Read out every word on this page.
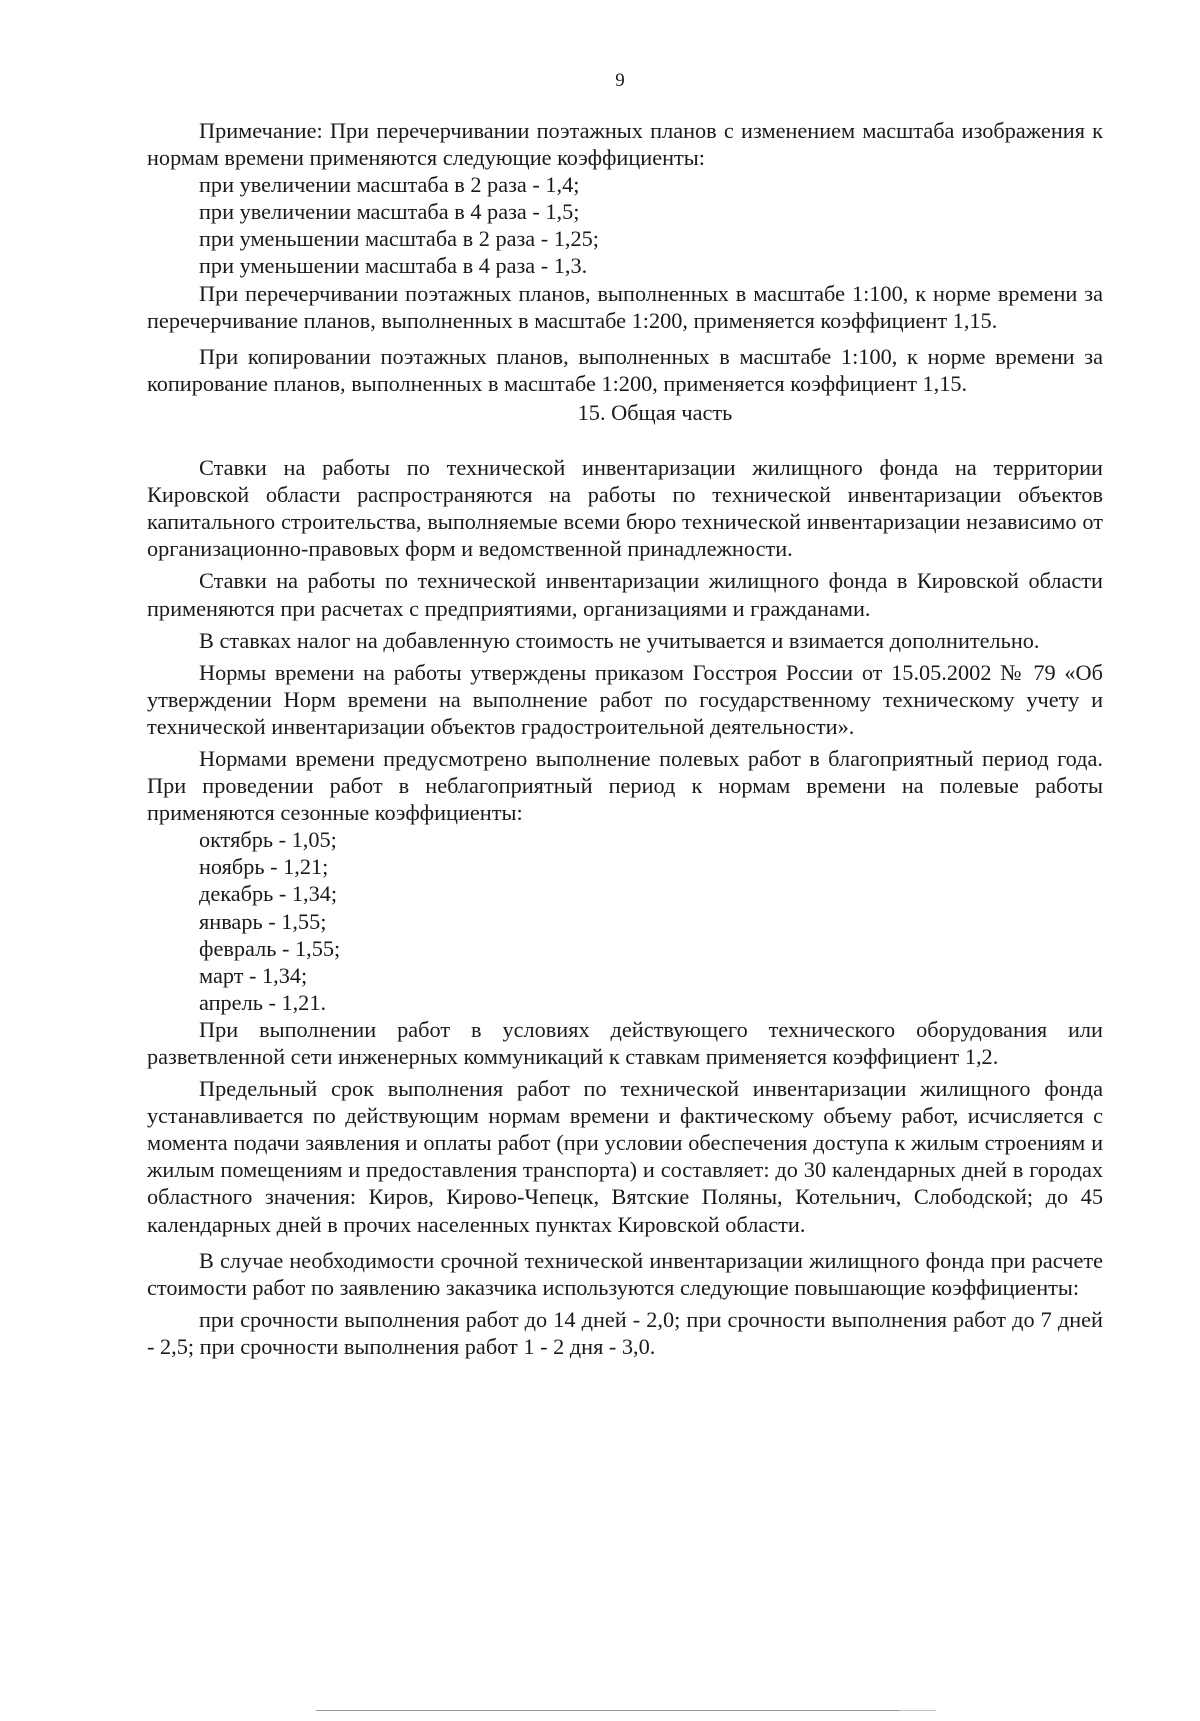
9

Примечание: При перечерчивании поэтажных планов с изменением масштаба изображения к нормам времени применяются следующие коэффициенты:

при увеличении масштаба в 2 раза - 1,4;

при увеличении масштаба в 4 раза - 1,5;

при уменьшении масштаба в 2 раза - 1,25;

при уменьшении масштаба в 4 раза - 1,3.

При перечерчивании поэтажных планов, выполненных в масштабе 1:100, к норме времени за перечерчивание планов, выполненных в масштабе 1:200, применяется коэффициент 1,15.

При копировании поэтажных планов, выполненных в масштабе 1:100, к норме времени за копирование планов, выполненных в масштабе 1:200, применяется коэффициент 1,15.

15. Общая часть

Ставки на работы по технической инвентаризации жилищного фонда на территории Кировской области распространяются на работы по технической инвентаризации объектов капитального строительства, выполняемые всеми бюро технической инвентаризации независимо от организационно-правовых форм и ведомственной принадлежности.

Ставки на работы по технической инвентаризации жилищного фонда в Кировской области применяются при расчетах с предприятиями, организациями и гражданами.

В ставках налог на добавленную стоимость не учитывается и взимается дополнительно.

Нормы времени на работы утверждены приказом Госстроя России от 15.05.2002 № 79 «Об утверждении Норм времени на выполнение работ по государственному техническому учету и технической инвентаризации объектов градостроительной деятельности».

Нормами времени предусмотрено выполнение полевых работ в благоприятный период года. При проведении работ в неблагоприятный период к нормам времени на полевые работы применяются сезонные коэффициенты:

октябрь - 1,05;

ноябрь - 1,21;

декабрь - 1,34;

январь - 1,55;

февраль - 1,55;

март - 1,34;

апрель - 1,21.

При выполнении работ в условиях действующего технического оборудования или разветвленной сети инженерных коммуникаций к ставкам применяется коэффициент 1,2.

Предельный срок выполнения работ по технической инвентаризации жилищного фонда устанавливается по действующим нормам времени и фактическому объему работ, исчисляется с момента подачи заявления и оплаты работ (при условии обеспечения доступа к жилым строениям и жилым помещениям и предоставления транспорта) и составляет: до 30 календарных дней в городах областного значения: Киров, Кирово-Чепецк, Вятские Поляны, Котельнич, Слободской; до 45 календарных дней в прочих населенных пунктах Кировской области.

В случае необходимости срочной технической инвентаризации жилищного фонда при расчете стоимости работ по заявлению заказчика используются следующие повышающие коэффициенты:

при срочности выполнения работ до 14 дней - 2,0; при срочности выполнения работ до 7 дней - 2,5; при срочности выполнения работ 1 - 2 дня - 3,0.
